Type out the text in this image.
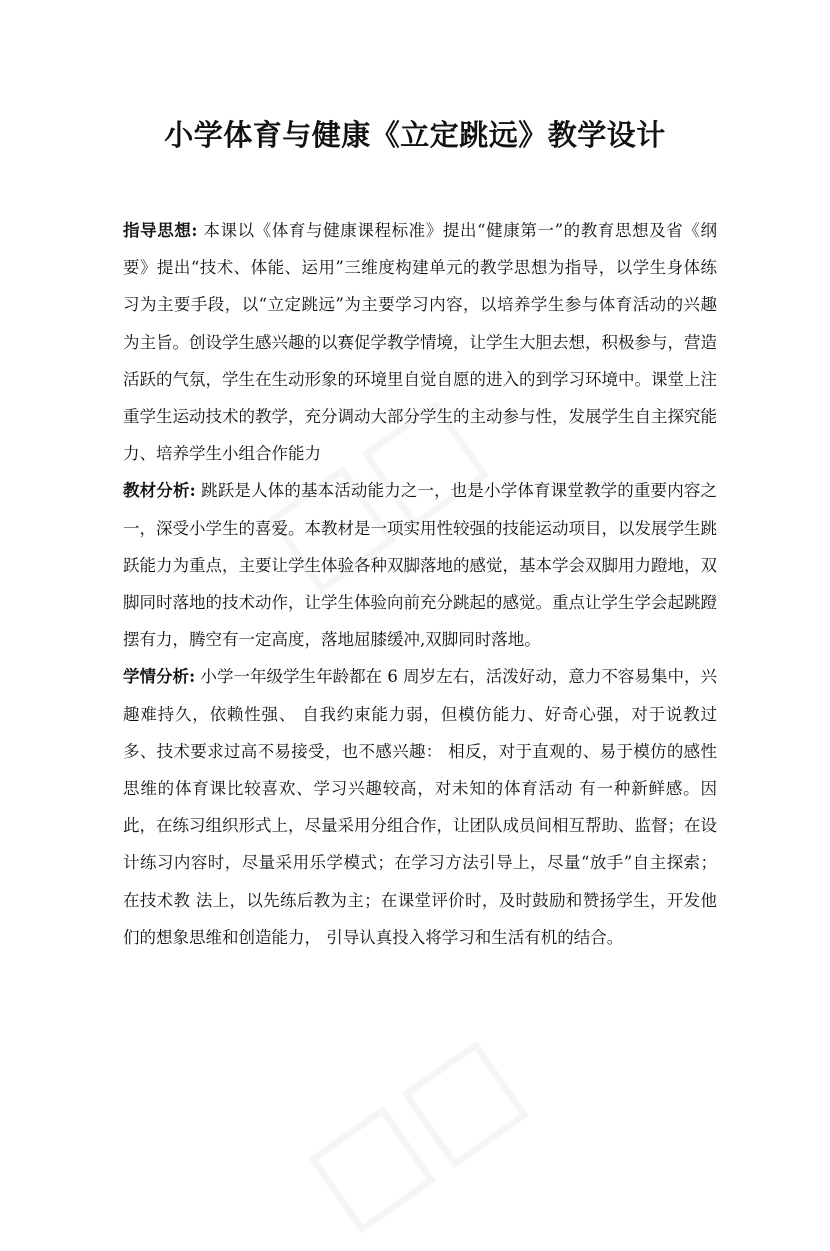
小学体育与健康《立定跳远》教学设计

指导思想: 本课以《体育与健康课程标准》提出“健康第一”的教育思想及省《纲要》提出“技术、体能、运用”三维度构建单元的教学思想为指导，以学生身体练习为主要手段，以“立定跳远”为主要学习内容，以培养学生参与体育活动的兴趣为主旨。创设学生感兴趣的以赛促学教学情境，让学生大胆去想，积极参与，营造活跃的气氛，学生在生动形象的环境里自觉自愿的进入的到学习环境中。课堂上注重学生运动技术的教学，充分调动大部分学生的主动参与性，发展学生自主探究能力、培养学生小组合作能力

教材分析: 跳跃是人体的基本活动能力之一，也是小学体育课堂教学的重要内容之一，深受小学生的喜爱。本教材是一项实用性较强的技能运动项目，以发展学生跳跃能力为重点，主要让学生体验各种双脚落地的感觉，基本学会双脚用力蹬地，双脚同时落地的技术动作，让学生体验向前充分跳起的感觉。重点让学生学会起跳蹬摆有力，腾空有一定高度，落地屈膝缓冲,双脚同时落地。

学情分析: 小学一年级学生年龄都在 6 周岁左右，活泼好动，意力不容易集中，兴趣难持久，依赖性强、 自我约束能力弱，但模仿能力、好奇心强，对于说教过多、技术要求过高不易接受，也不感兴趣： 相反，对于直观的、易于模仿的感性思维的体育课比较喜欢、学习兴趣较高，对未知的体育活动 有一种新鲜感。因此，在练习组织形式上，尽量采用分组合作，让团队成员间相互帮助、监督；在设计练习内容时，尽量采用乐学模式；在学习方法引导上，尽量“放手”自主探索；在技术教 法上，以先练后教为主；在课堂评价时，及时鼓励和赞扬学生，开发他们的想象思维和创造能力， 引导认真投入将学习和生活有机的结合。
